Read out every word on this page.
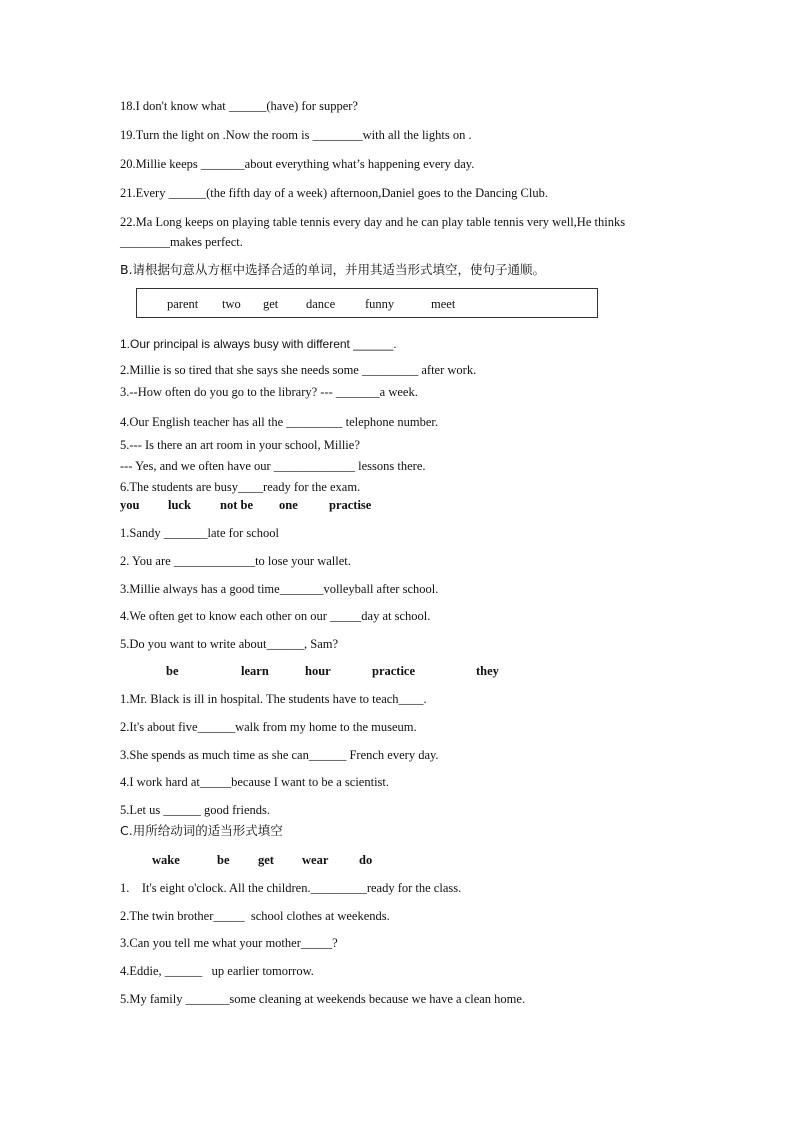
18.I don't know what ______(have) for supper?
19.Turn the light on .Now the room is ________with all the lights on .
20.Millie keeps _______about everything what’s happening every day.
21.Every ______(the fifth day of a week) afternoon,Daniel goes to the Dancing Club.
22.Ma Long keeps on playing table tennis every day and he can play table tennis very well,He thinks
________makes perfect.
B.请根据句意从方框中选择合适的单词，并用其适当形式填空，使句子通顺。
parent two get dance funny	meet
1.Our principal is always busy with different ______.
2.Millie is so tired that she says she needs some _________ after work.
3.--How often do you go to the library? --- _______a week.
4.Our English teacher has all the _________ telephone number.
5.--- Is there an art room in your school, Millie?
--- Yes, and we often have our _____________ lessons there.
6.The students are busy____ready for the exam.
you luck not be one	practise
1.Sandy _______late for school
2. You are _____________to lose your wallet.
3.Millie always has a good time_______volleyball after school.
4.We often get to know each other on our _____day at school.
5.Do you want to write about______, Sam?
be	learn	hour	practice	they
1.Mr. Black is ill in hospital. The students have to teach____.
2.It's about five______walk from my home to the museum.
3.She spends as much time as she can______ French every day.
4.I work hard at_____because I want to be a scientist.
5.Let us ______ good friends.
C.用所给动词的适当形式填空
wake	be get wear do
1.    It's eight o'clock. All the children._________ready for the class.
2.The twin brother_____  school clothes at weekends.
3.Can you tell me what your mother_____?
4.Eddie, ______   up earlier tomorrow.
5.My family _______some cleaning at weekends because we have a clean home.
